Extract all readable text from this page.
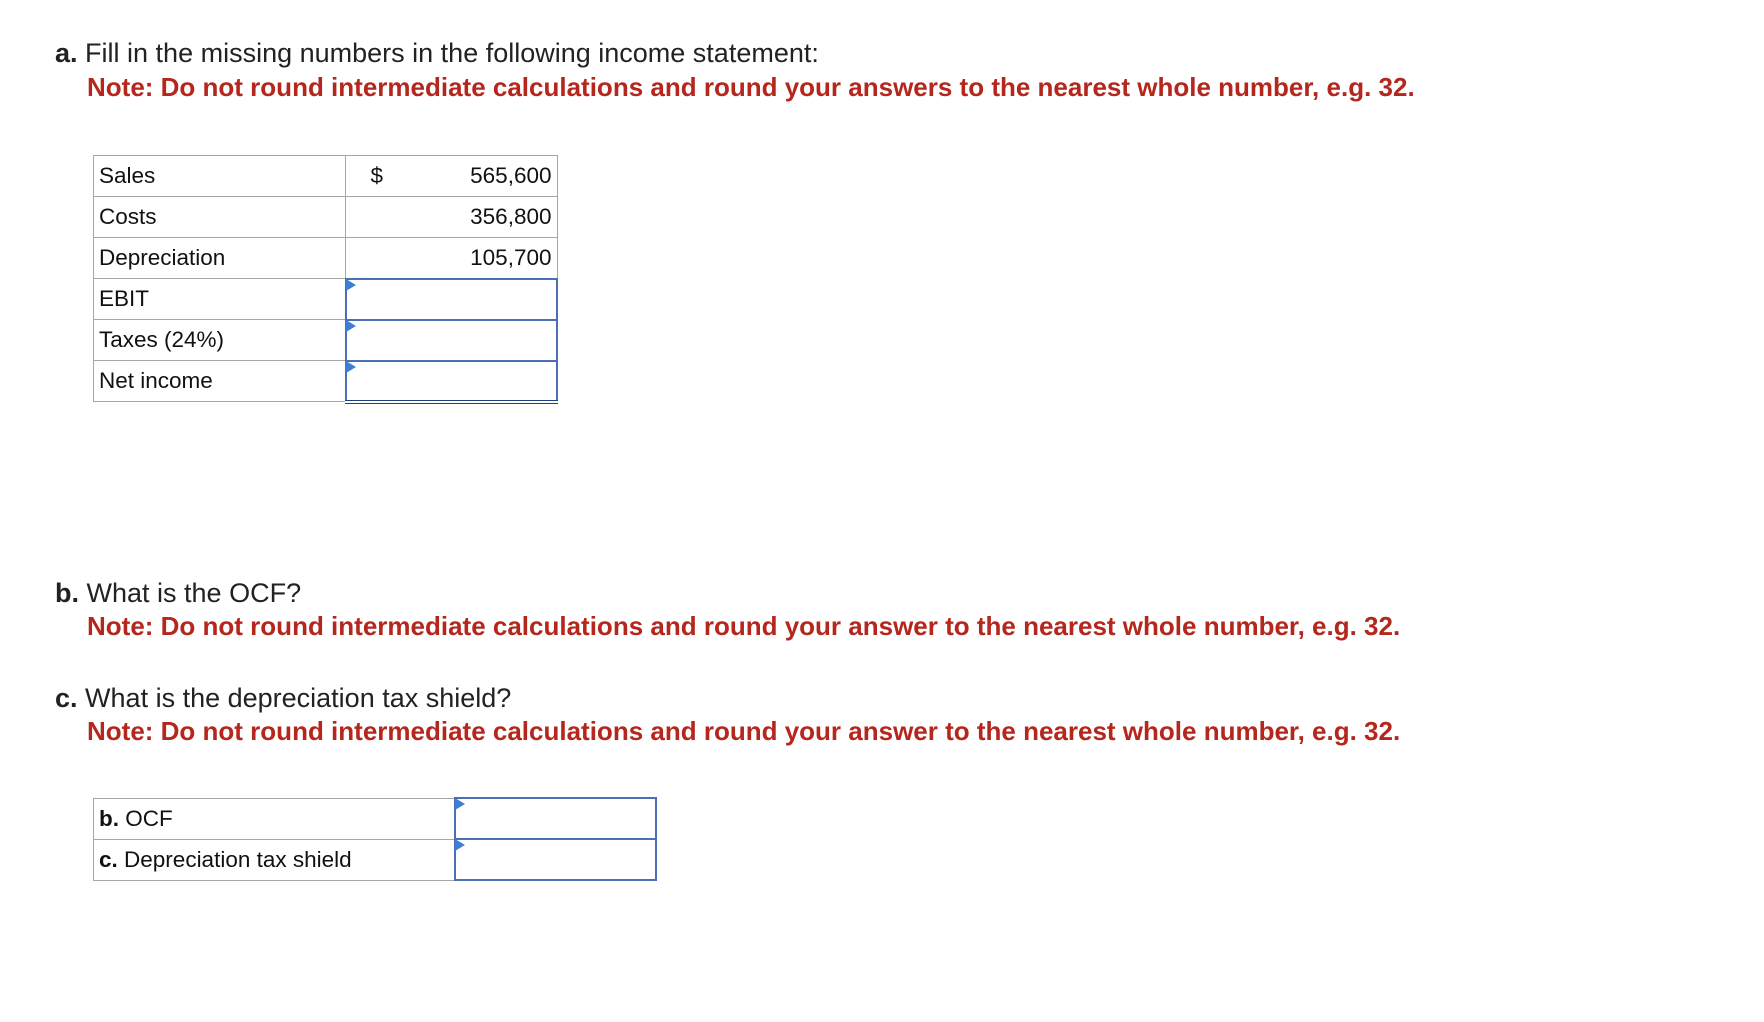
a. Fill in the missing numbers in the following income statement:
Note: Do not round intermediate calculations and round your answers to the nearest whole number, e.g. 32.
Sales	$ 565,600

Costs	356,800

Depreciation	105,700

EBIT	

Taxes (24%)	

Net income	
b. What is the OCF?
Note: Do not round intermediate calculations and round your answer to the nearest whole number, e.g. 32.
c. What is the depreciation tax shield?
Note: Do not round intermediate calculations and round your answer to the nearest whole number, e.g. 32.
b. OCF	

c. Depreciation tax shield	
